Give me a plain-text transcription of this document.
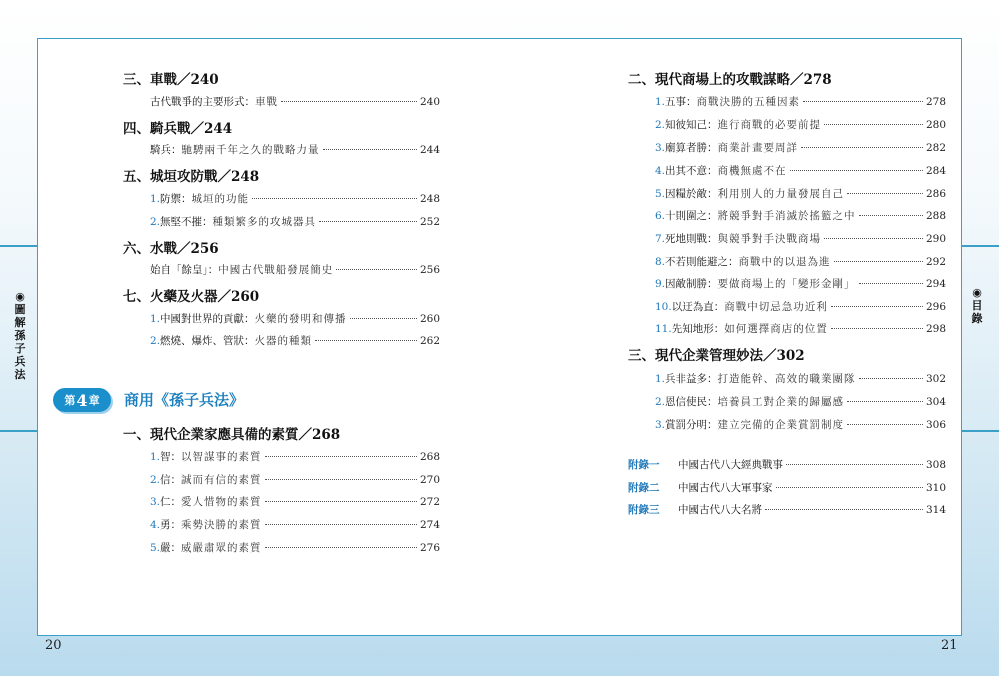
◉
圖
解
孫
子
兵
法
◉
目
錄
20	21
三、車戰／240
古代戰爭的主要形式： 車戰	240
四、騎兵戰／244
騎兵： 馳騁兩千年之久的戰略力量	244
五、城垣攻防戰／248
1. 防禦： 城垣的功能	248
2. 無堅不摧： 種類繁多的攻城器具	252
六、水戰／256
始自「餘皇」： 中國古代戰船發展簡史	256
七、火藥及火器／260
1. 中國對世界的貢獻： 火藥的發明和傳播	260
2. 燃燒、爆炸、管狀： 火器的種類	262
一、現代企業家應具備的素質／268
1. 智： 以智謀事的素質	268
2. 信： 誠而有信的素質	270
3. 仁： 愛人惜物的素質	272
4. 勇： 乘勢決勝的素質	274
5. 嚴： 威嚴肅眾的素質	276
第 4 章 商用《孫子兵法》
二、現代商場上的攻戰謀略／278
1. 五事： 商戰決勝的五種因素	278
2. 知彼知己： 進行商戰的必要前提	280
3. 廟算者勝： 商業計畫要周詳	282
4. 出其不意： 商機無處不在	284
5. 因糧於敵： 利用別人的力量發展自己	286
6. 十則圍之： 將競爭對手消滅於搖籃之中	288
7. 死地則戰： 與競爭對手決戰商場	290
8. 不若則能避之： 商戰中的以退為進	292
9. 因敵制勝： 要做商場上的「變形金剛」	294
10. 以迂為直： 商戰中切忌急功近利	296
11. 先知地形： 如何選擇商店的位置	298
三、現代企業管理妙法／302
1. 兵非益多： 打造能幹、高效的職業團隊	302
2. 恩信使民： 培養員工對企業的歸屬感	304
3. 賞罰分明： 建立完備的企業賞罰制度	306
附錄一	中國古代八大經典戰事	308
附錄二	中國古代八大軍事家	310
附錄三	中國古代八大名將	314
